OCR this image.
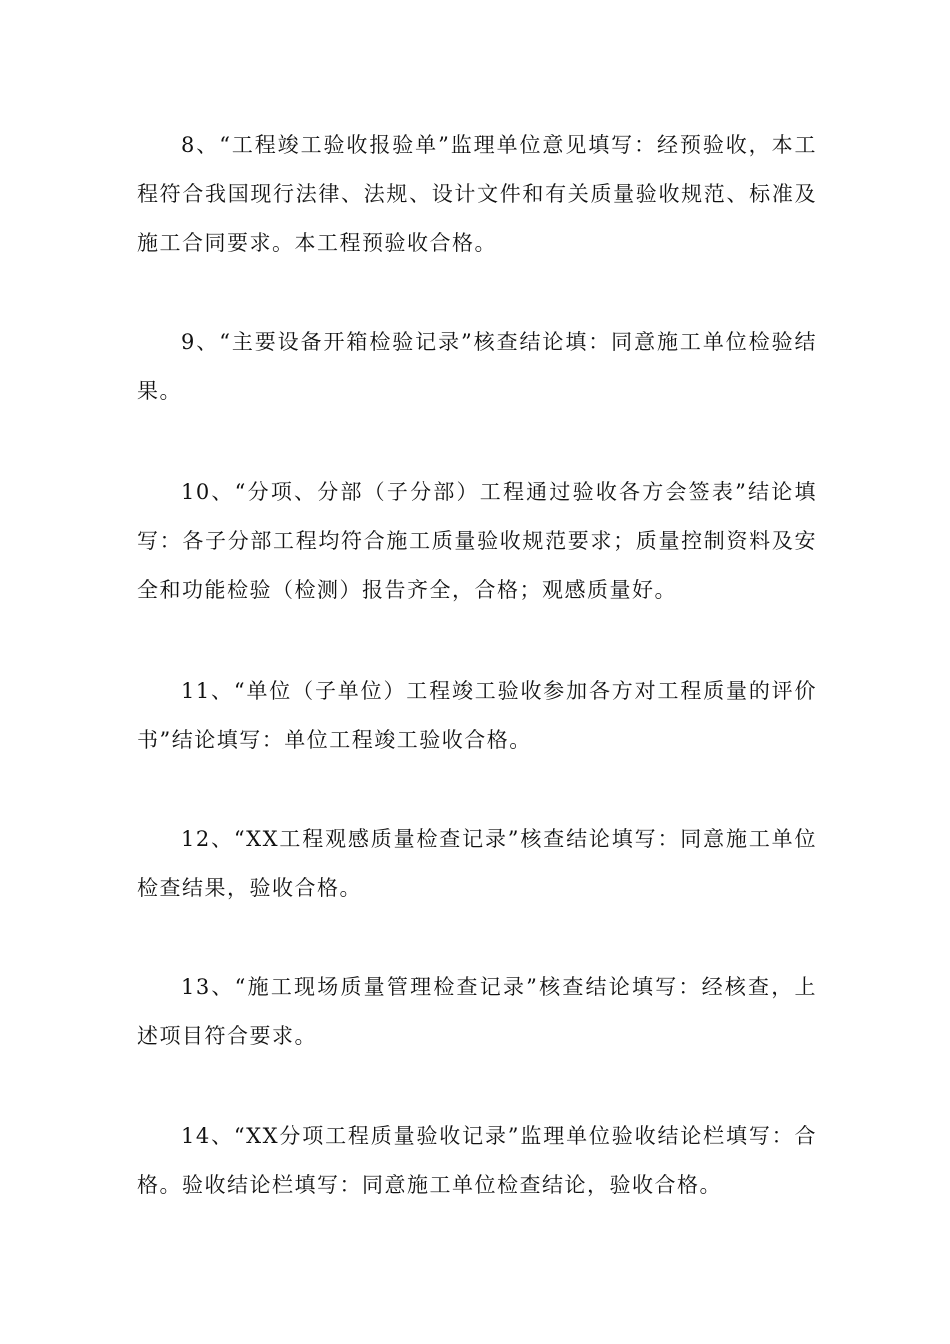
8、“工程竣工验收报验单”监理单位意见填写：经预验收，本工程符合我国现行法律、法规、设计文件和有关质量验收规范、标准及施工合同要求。本工程预验收合格。

9、“主要设备开箱检验记录”核查结论填：同意施工单位检验结果。

10、“分项、分部（子分部）工程通过验收各方会签表”结论填写：各子分部工程均符合施工质量验收规范要求；质量控制资料及安全和功能检验（检测）报告齐全，合格；观感质量好。

11、“单位（子单位）工程竣工验收参加各方对工程质量的评价书”结论填写：单位工程竣工验收合格。

12、“XX工程观感质量检查记录”核查结论填写：同意施工单位检查结果，验收合格。

13、“施工现场质量管理检查记录”核查结论填写：经核查，上述项目符合要求。

14、“XX分项工程质量验收记录”监理单位验收结论栏填写：合格。验收结论栏填写：同意施工单位检查结论，验收合格。
